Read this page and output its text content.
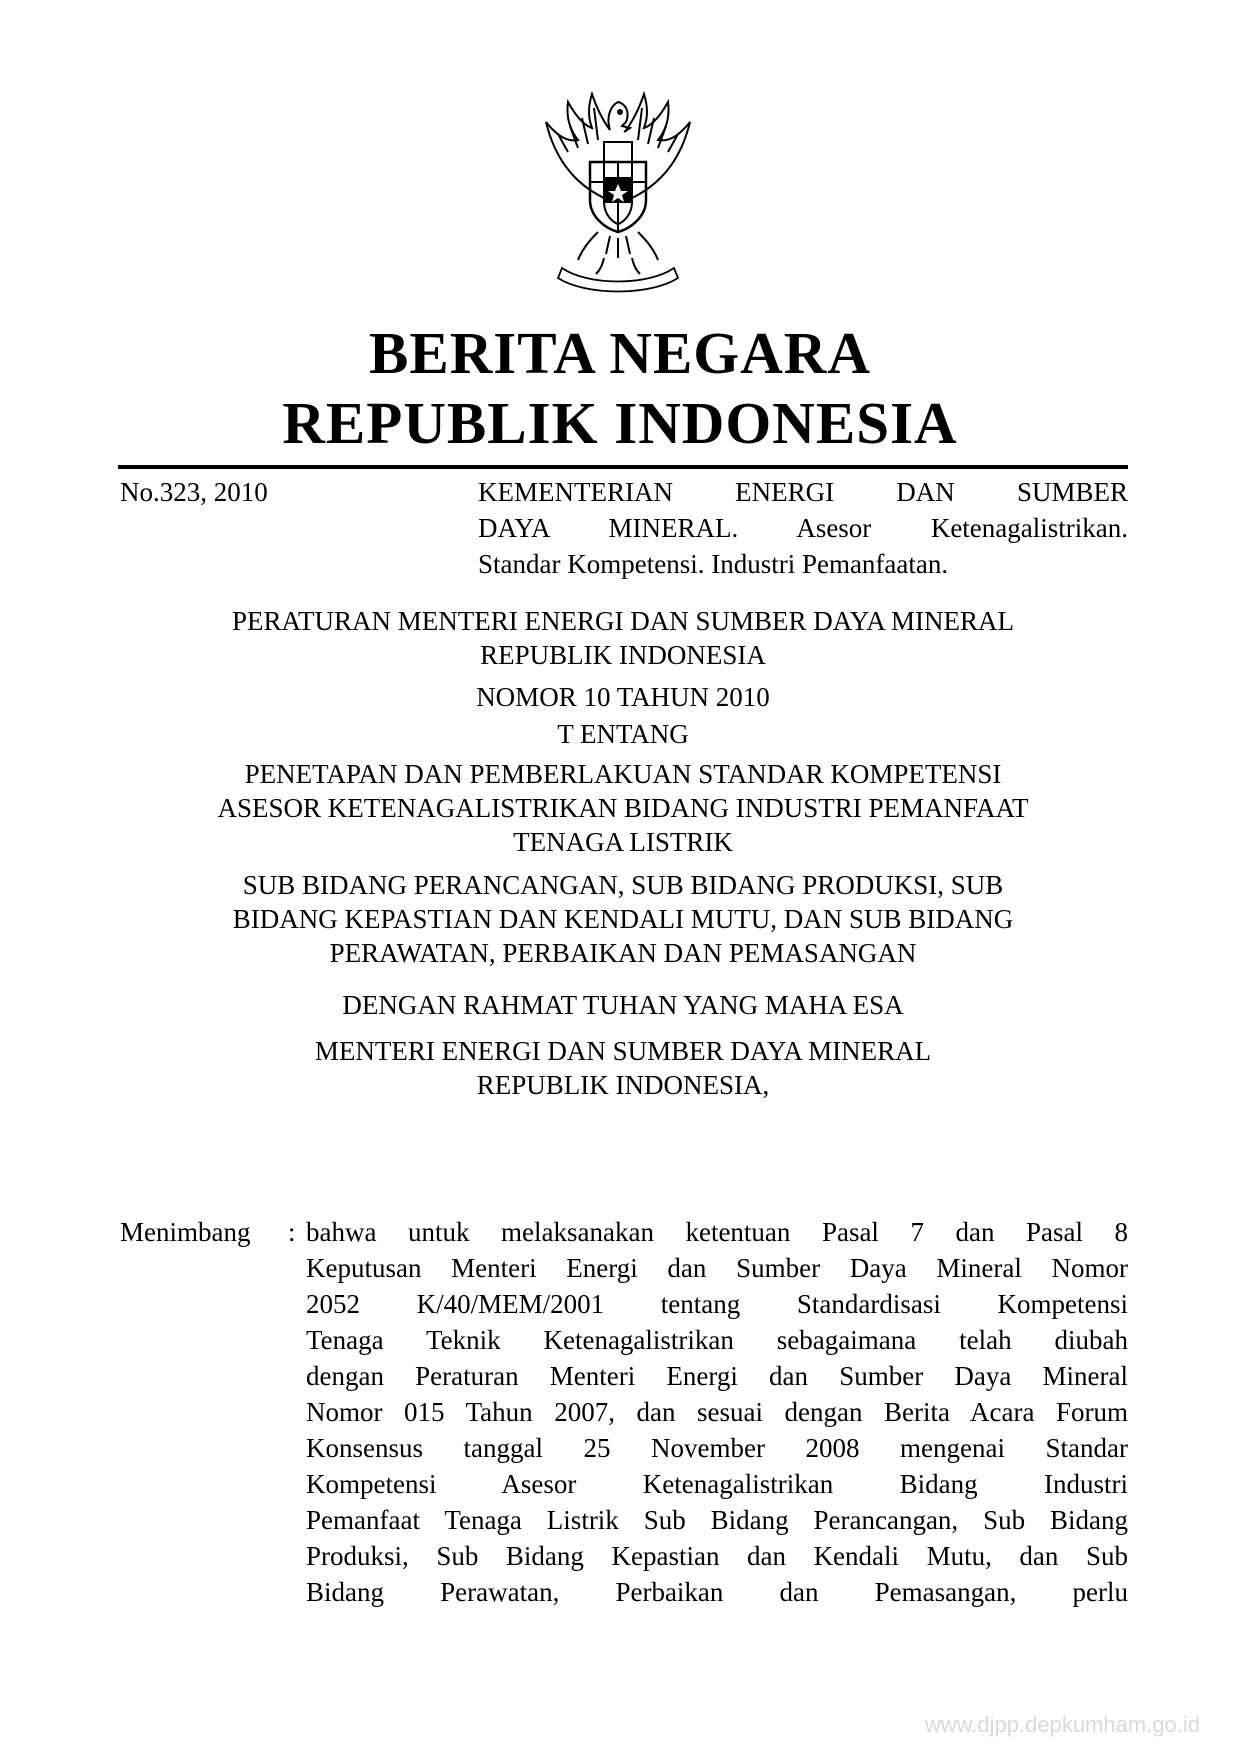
BERITA NEGARA
REPUBLIK INDONESIA
No.323, 2010	KEMENTERIAN ENERGI DAN SUMBER
DAYA MINERAL. Asesor Ketenagalistrikan.
Standar Kompetensi. Industri Pemanfaatan.
PERATURAN MENTERI ENERGI DAN SUMBER DAYA MINERAL
REPUBLIK INDONESIA
NOMOR 10 TAHUN 2010
T ENTANG
PENETAPAN DAN PEMBERLAKUAN STANDAR KOMPETENSI
ASESOR KETENAGALISTRIKAN BIDANG INDUSTRI PEMANFAAT
TENAGA LISTRIK
SUB BIDANG PERANCANGAN, SUB BIDANG PRODUKSI, SUB
BIDANG KEPASTIAN DAN KENDALI MUTU, DAN SUB BIDANG
PERAWATAN, PERBAIKAN DAN PEMASANGAN
DENGAN RAHMAT TUHAN YANG MAHA ESA
MENTERI ENERGI DAN SUMBER DAYA MINERAL
REPUBLIK INDONESIA,
Menimbang : bahwa untuk melaksanakan ketentuan Pasal 7 dan Pasal 8
Keputusan Menteri Energi dan Sumber Daya Mineral Nomor
2052 K/40/MEM/2001 tentang Standardisasi Kompetensi
Tenaga Teknik Ketenagalistrikan sebagaimana telah diubah
dengan Peraturan Menteri Energi dan Sumber Daya Mineral
Nomor 015 Tahun 2007, dan sesuai dengan Berita Acara Forum
Konsensus tanggal 25 November 2008 mengenai Standar
Kompetensi Asesor Ketenagalistrikan Bidang Industri
Pemanfaat Tenaga Listrik Sub Bidang Perancangan, Sub Bidang
Produksi, Sub Bidang Kepastian dan Kendali Mutu, dan Sub
Bidang Perawatan, Perbaikan dan Pemasangan, perlu
www.djpp.depkumham.go.id
